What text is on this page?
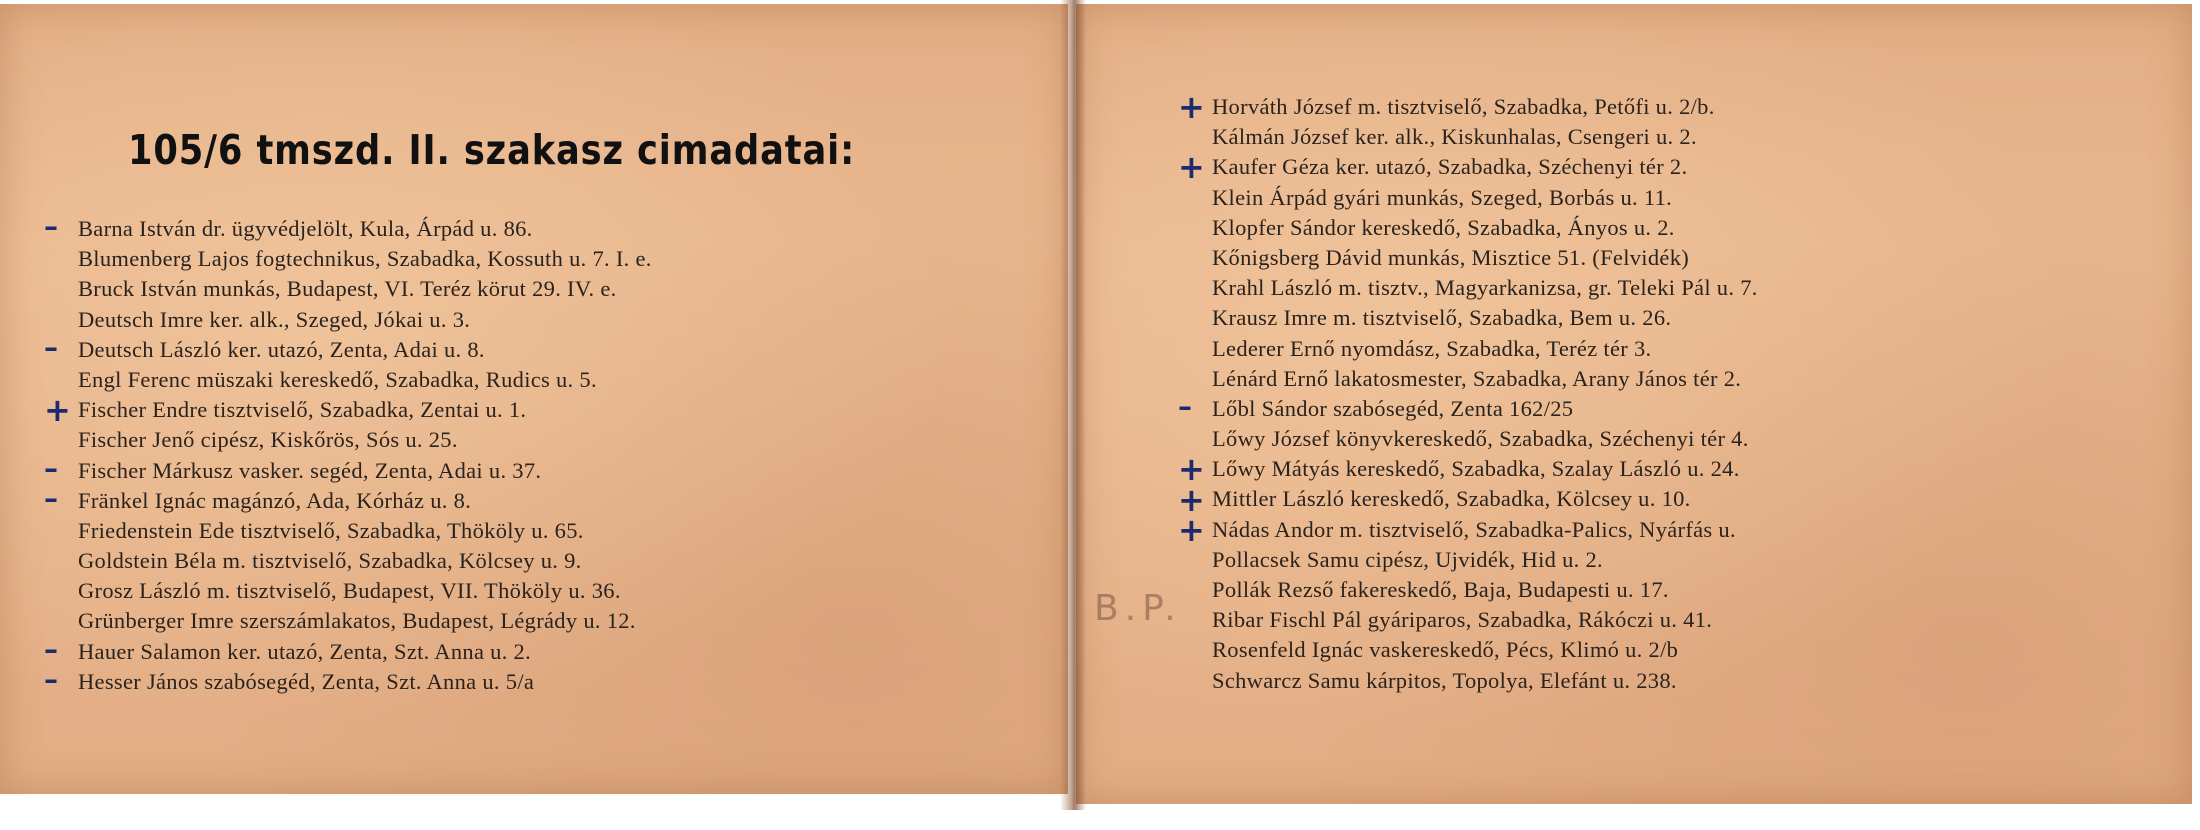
105/6 tmszd. II. szakasz cimadatai:
Barna István dr. ügyvédjelölt, Kula, Árpád u. 86.
Blumenberg Lajos fogtechnikus, Szabadka, Kossuth u. 7. I. e.
Bruck István munkás, Budapest, VI. Teréz körut 29. IV. e.
Deutsch Imre ker. alk., Szeged, Jókai u. 3.
Deutsch László ker. utazó, Zenta, Adai u. 8.
Engl Ferenc müszaki kereskedő, Szabadka, Rudics u. 5.
Fischer Endre tisztviselő, Szabadka, Zentai u. 1.
Fischer Jenő cipész, Kiskőrös, Sós u. 25.
Fischer Márkusz vasker. segéd, Zenta, Adai u. 37.
Fränkel Ignác magánzó, Ada, Kórház u. 8.
Friedenstein Ede tisztviselő, Szabadka, Thököly u. 65.
Goldstein Béla m. tisztviselő, Szabadka, Kölcsey u. 9.
Grosz László m. tisztviselő, Budapest, VII. Thököly u. 36.
Grünberger Imre szerszámlakatos, Budapest, Légrády u. 12.
Hauer Salamon ker. utazó, Zenta, Szt. Anna u. 2.
Hesser János szabósegéd, Zenta, Szt. Anna u. 5/a
Horváth József m. tisztviselő, Szabadka, Petőfi u. 2/b.
Kálmán József ker. alk., Kiskunhalas, Csengeri u. 2.
Kaufer Géza ker. utazó, Szabadka, Széchenyi tér 2.
Klein Árpád gyári munkás, Szeged, Borbás u. 11.
Klopfer Sándor kereskedő, Szabadka, Ányos u. 2.
Kőnigsberg Dávid munkás, Misztice 51. (Felvidék)
Krahl László m. tisztv., Magyarkanizsa, gr. Teleki Pál u. 7.
Krausz Imre m. tisztviselő, Szabadka, Bem u. 26.
Lederer Ernő nyomdász, Szabadka, Teréz tér 3.
Lénárd Ernő lakatosmester, Szabadka, Arany János tér 2.
Lőbl Sándor szabósegéd, Zenta 162/25
Lőwy József könyvkereskedő, Szabadka, Széchenyi tér 4.
Lőwy Mátyás kereskedő, Szabadka, Szalay László u. 24.
Mittler László kereskedő, Szabadka, Kölcsey u. 10.
Nádas Andor m. tisztviselő, Szabadka-Palics, Nyárfás u.
Pollacsek Samu cipész, Ujvidék, Hid u. 2.
Pollák Rezső fakereskedő, Baja, Budapesti u. 17.
Ribar Fischl Pál gyáriparos, Szabadka, Rákóczi u. 41.
Rosenfeld Ignác vaskereskedő, Pécs, Klimó u. 2/b
Schwarcz Samu kárpitos, Topolya, Elefánt u. 238.
B.P.
–
–
+
–
–
–
–
+
+
–
+
+
+
